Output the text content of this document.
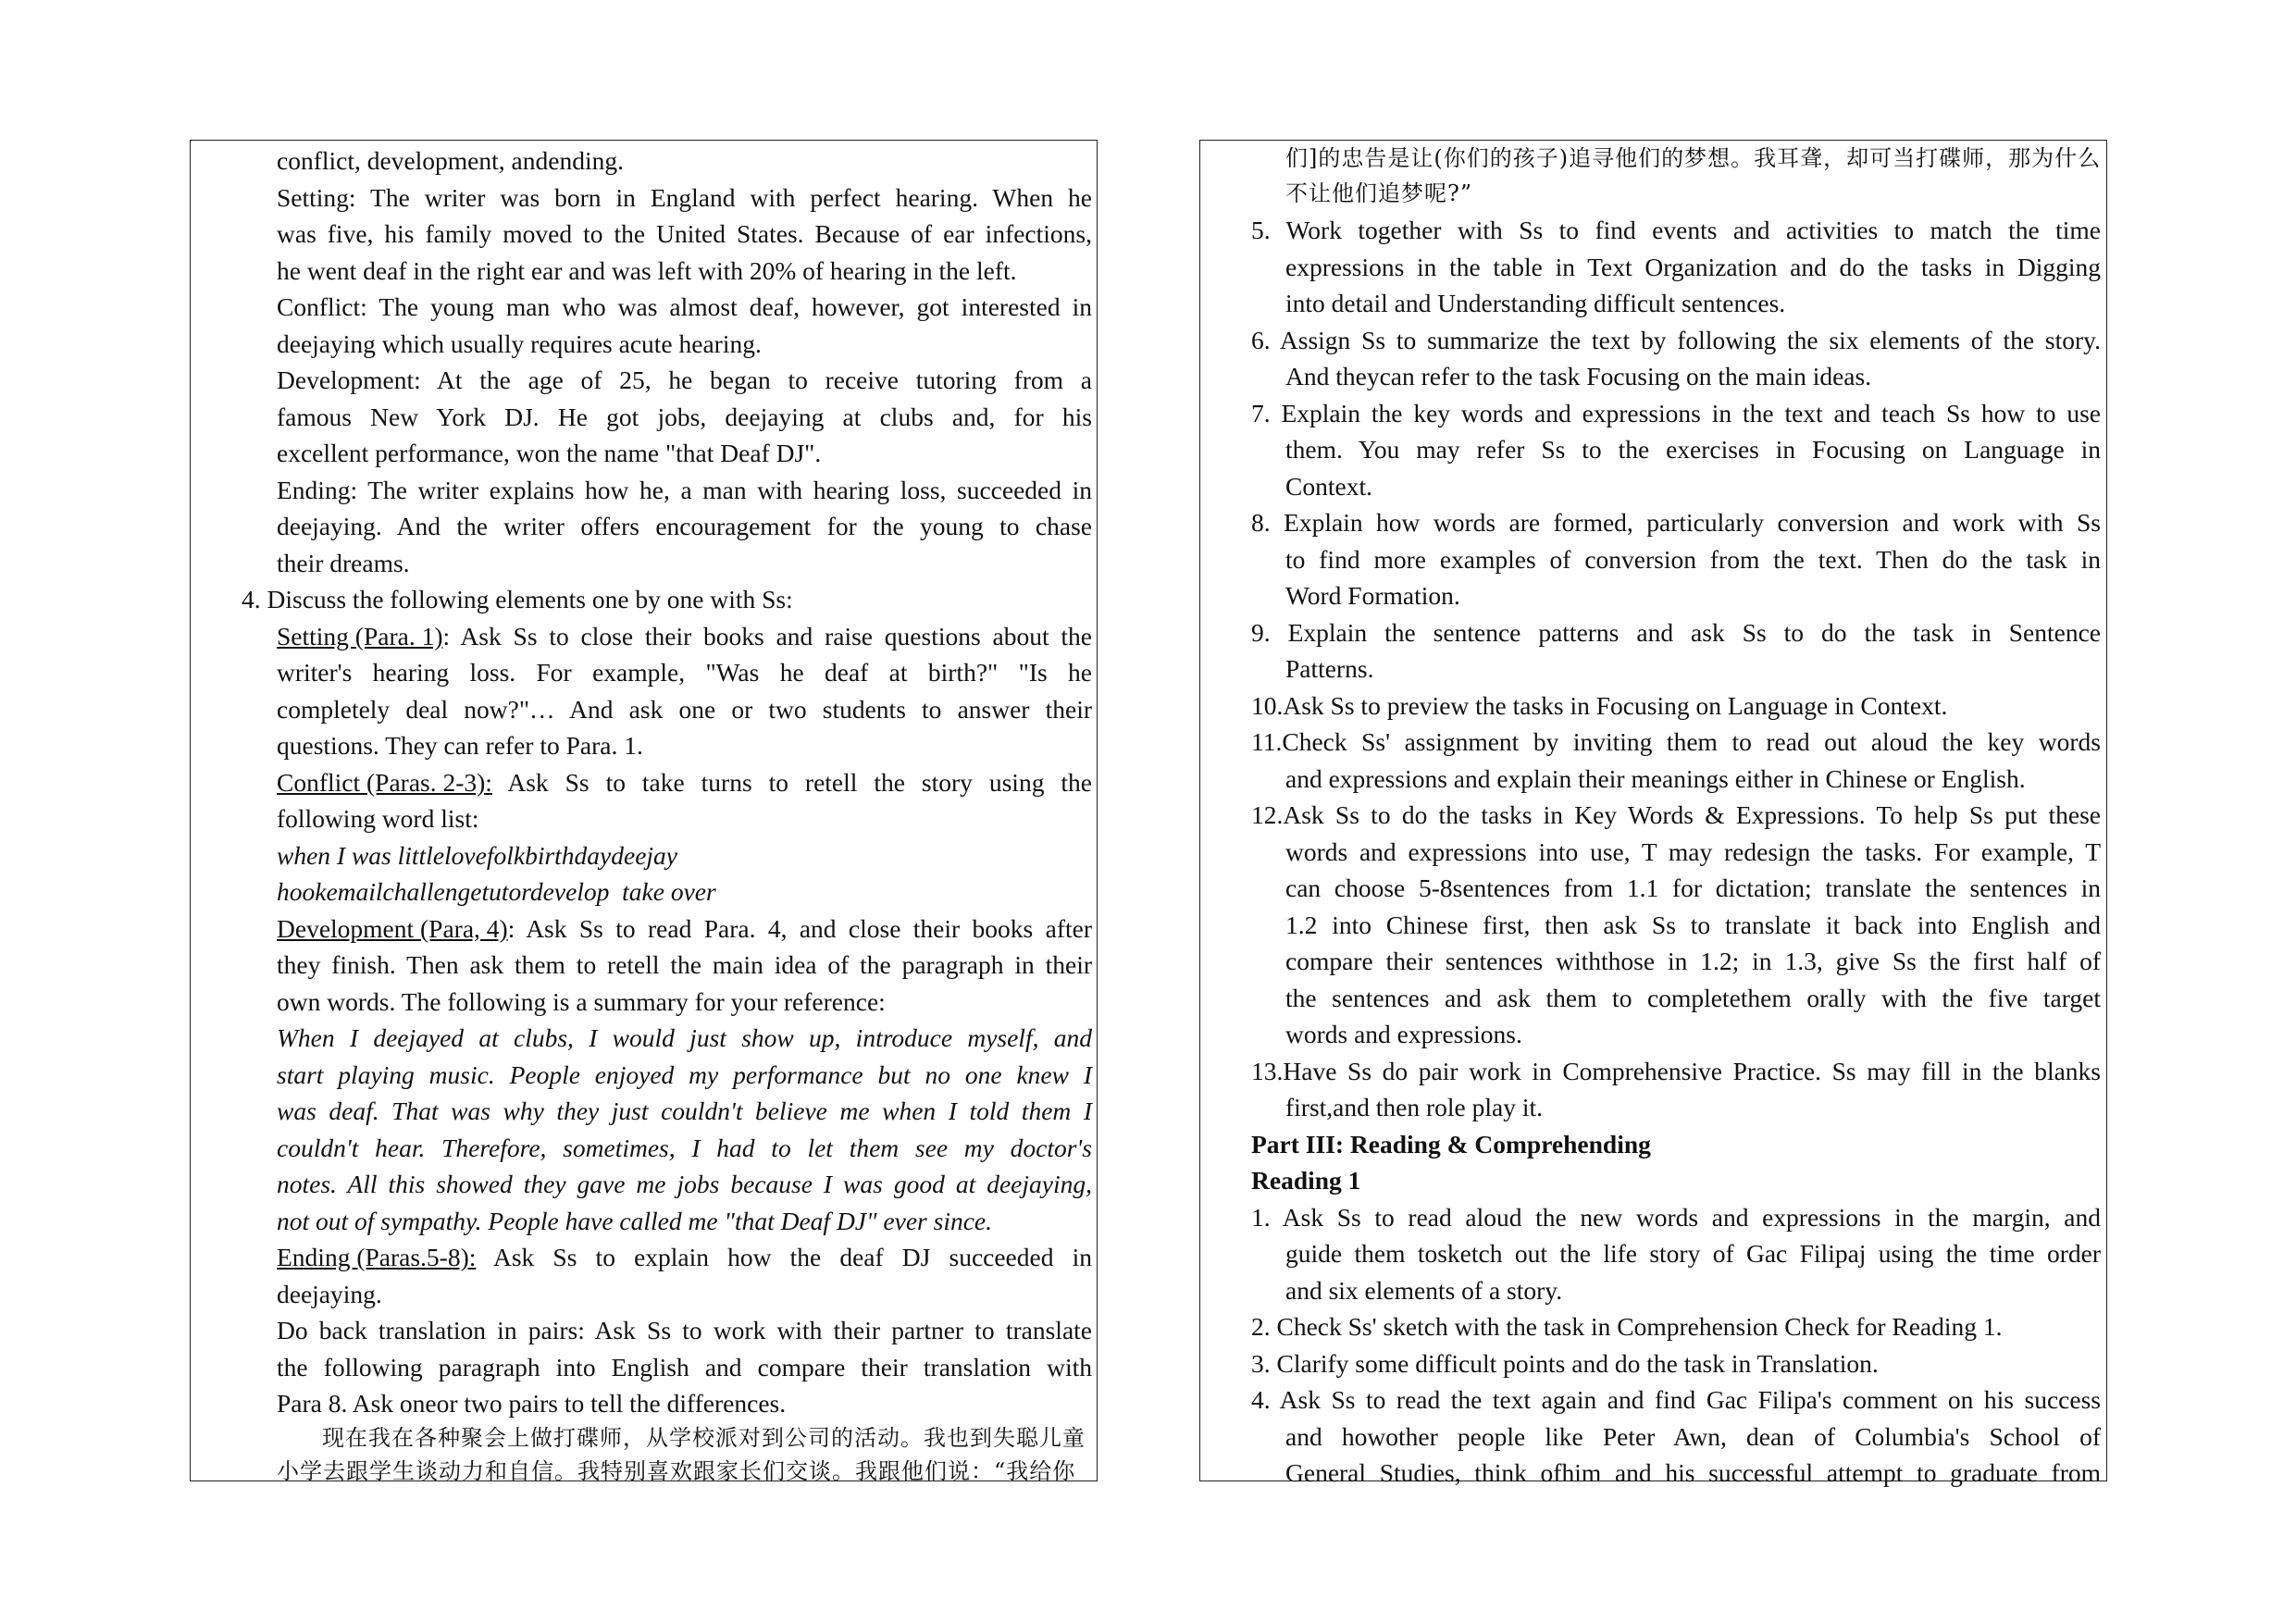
conflict, development, andending.
Setting: The writer was born in England with perfect hearing. When he
was five, his family moved to the United States. Because of ear infections,
he went deaf in the right ear and was left with 20% of hearing in the left.
Conflict: The young man who was almost deaf, however, got interested in
deejaying which usually requires acute hearing.
Development: At the age of 25, he began to receive tutoring from a
famous New York DJ. He got jobs, deejaying at clubs and, for his
excellent performance, won the name "that Deaf DJ".
Ending: The writer explains how he, a man with hearing loss, succeeded in
deejaying. And the writer offers encouragement for the young to chase
their dreams.
4. Discuss the following elements one by one with Ss:
Setting (Para. 1) : Ask Ss to close their books and raise questions about the
writer's hearing loss. For example, "Was he deaf at birth?" "Is he
completely deal now?"… And ask one or two students to answer their
questions. They can refer to Para. 1.
Conflict (Paras. 2-3): Ask Ss to take turns to retell the story using the
following word list:
when I was littlelovefolkbirthdaydeejay
hookemailchallengetutordevelop  take over
Development (Para, 4) : Ask Ss to read Para. 4, and close their books after
they finish. Then ask them to retell the main idea of the paragraph in their
own words. The following is a summary for your reference:
When I deejayed at clubs, I would just show up, introduce myself, and
start playing music. People enjoyed my performance but no one knew I
was deaf. That was why they just couldn't believe me when I told them I
couldn't hear. Therefore, sometimes, I had to let them see my doctor's
notes. All this showed they gave me jobs because I was good at deejaying,
not out of sympathy. People have called me "that Deaf DJ" ever since.
Ending (Paras.5-8): Ask Ss to explain how the deaf DJ succeeded in
deejaying.
Do back translation in pairs: Ask Ss to work with their partner to translate
the following paragraph into English and compare their translation with
Para 8. Ask oneor two pairs to tell the differences.
现在我在各种聚会上做打碟师，从学校派对到公司的活动。我也到失聪儿童
小学去跟学生谈动力和自信。我特别喜欢跟家长们交谈。我跟他们说：“我给你
们]的忠告是让(你们的孩子)追寻他们的梦想。我耳聋，却可当打碟师，那为什么
不让他们追梦呢?”
5. Work together with Ss to find events and activities to match the time
expressions in the table in Text Organization and do the tasks in Digging
into detail and Understanding difficult sentences.
6. Assign Ss to summarize the text by following the six elements of the story.
And theycan refer to the task Focusing on the main ideas.
7. Explain the key words and expressions in the text and teach Ss how to use
them. You may refer Ss to the exercises in Focusing on Language in
Context.
8. Explain how words are formed, particularly conversion and work with Ss
to find more examples of conversion from the text. Then do the task in
Word Formation.
9. Explain the sentence patterns and ask Ss to do the task in Sentence
Patterns.
10.Ask Ss to preview the tasks in Focusing on Language in Context.
11.Check Ss' assignment by inviting them to read out aloud the key words
and expressions and explain their meanings either in Chinese or English.
12.Ask Ss to do the tasks in Key Words & Expressions. To help Ss put these
words and expressions into use, T may redesign the tasks. For example, T
can choose 5-8sentences from 1.1 for dictation; translate the sentences in
1.2 into Chinese first, then ask Ss to translate it back into English and
compare their sentences withthose in 1.2; in 1.3, give Ss the first half of
the sentences and ask them to completethem orally with the five target
words and expressions.
13.Have Ss do pair work in Comprehensive Practice. Ss may fill in the blanks
first,and then role play it.
Part III: Reading & Comprehending
Reading 1
1. Ask Ss to read aloud the new words and expressions in the margin, and
guide them tosketch out the life story of Gac Filipaj using the time order
and six elements of a story.
2. Check Ss' sketch with the task in Comprehension Check for Reading 1.
3. Clarify some difficult points and do the task in Translation.
4. Ask Ss to read the text again and find Gac Filipa's comment on his success
and howother people like Peter Awn, dean of Columbia's School of
General Studies, think ofhim and his successful attempt to graduate from
